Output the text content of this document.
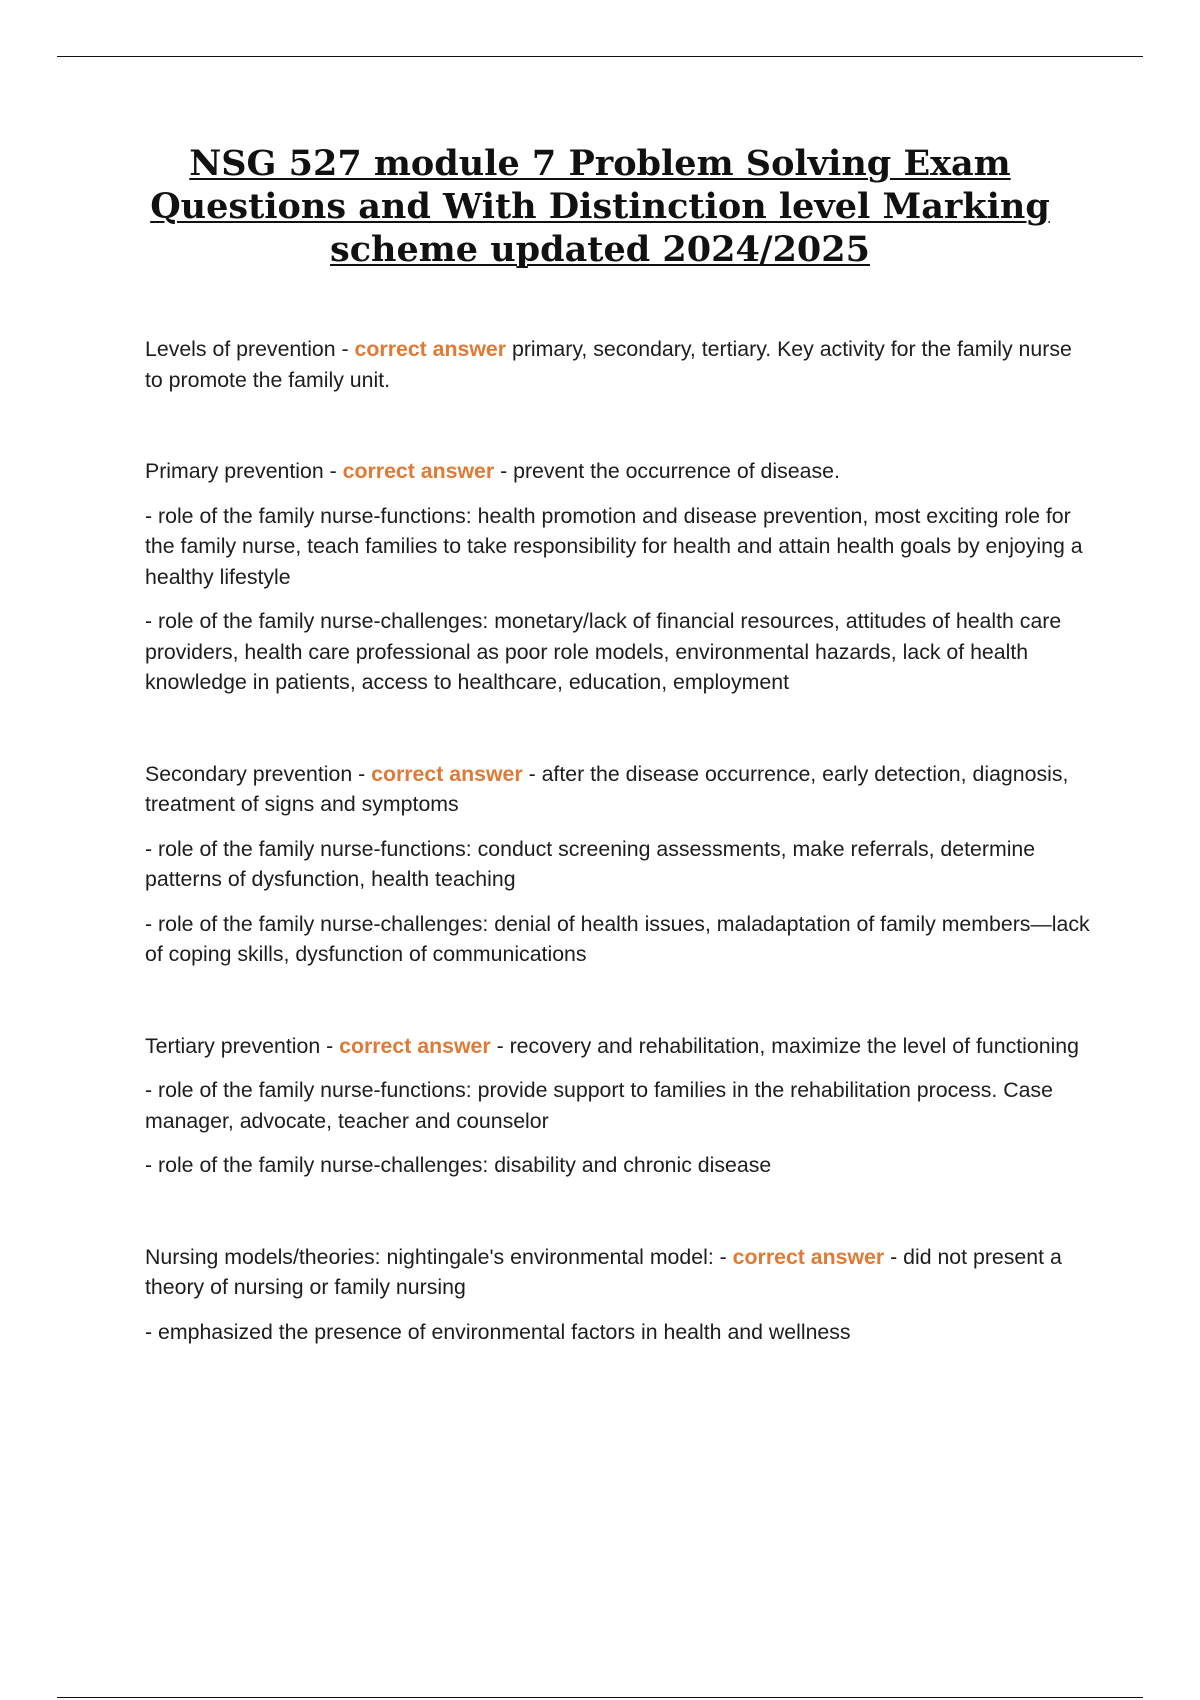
NSG 527 module 7 Problem Solving Exam Questions and With Distinction level Marking scheme updated 2024/2025

Levels of prevention - correct answer primary, secondary, tertiary. Key activity for the family nurse to promote the family unit.

Primary prevention - correct answer - prevent the occurrence of disease.

- role of the family nurse-functions: health promotion and disease prevention, most exciting role for the family nurse, teach families to take responsibility for health and attain health goals by enjoying a healthy lifestyle

- role of the family nurse-challenges: monetary/lack of financial resources, attitudes of health care providers, health care professional as poor role models, environmental hazards, lack of health knowledge in patients, access to healthcare, education, employment

Secondary prevention - correct answer - after the disease occurrence, early detection, diagnosis, treatment of signs and symptoms

- role of the family nurse-functions: conduct screening assessments, make referrals, determine patterns of dysfunction, health teaching

- role of the family nurse-challenges: denial of health issues, maladaptation of family members—lack of coping skills, dysfunction of communications

Tertiary prevention - correct answer - recovery and rehabilitation, maximize the level of functioning

- role of the family nurse-functions: provide support to families in the rehabilitation process. Case manager, advocate, teacher and counselor

- role of the family nurse-challenges: disability and chronic disease

Nursing models/theories: nightingale's environmental model: - correct answer - did not present a theory of nursing or family nursing

- emphasized the presence of environmental factors in health and wellness
